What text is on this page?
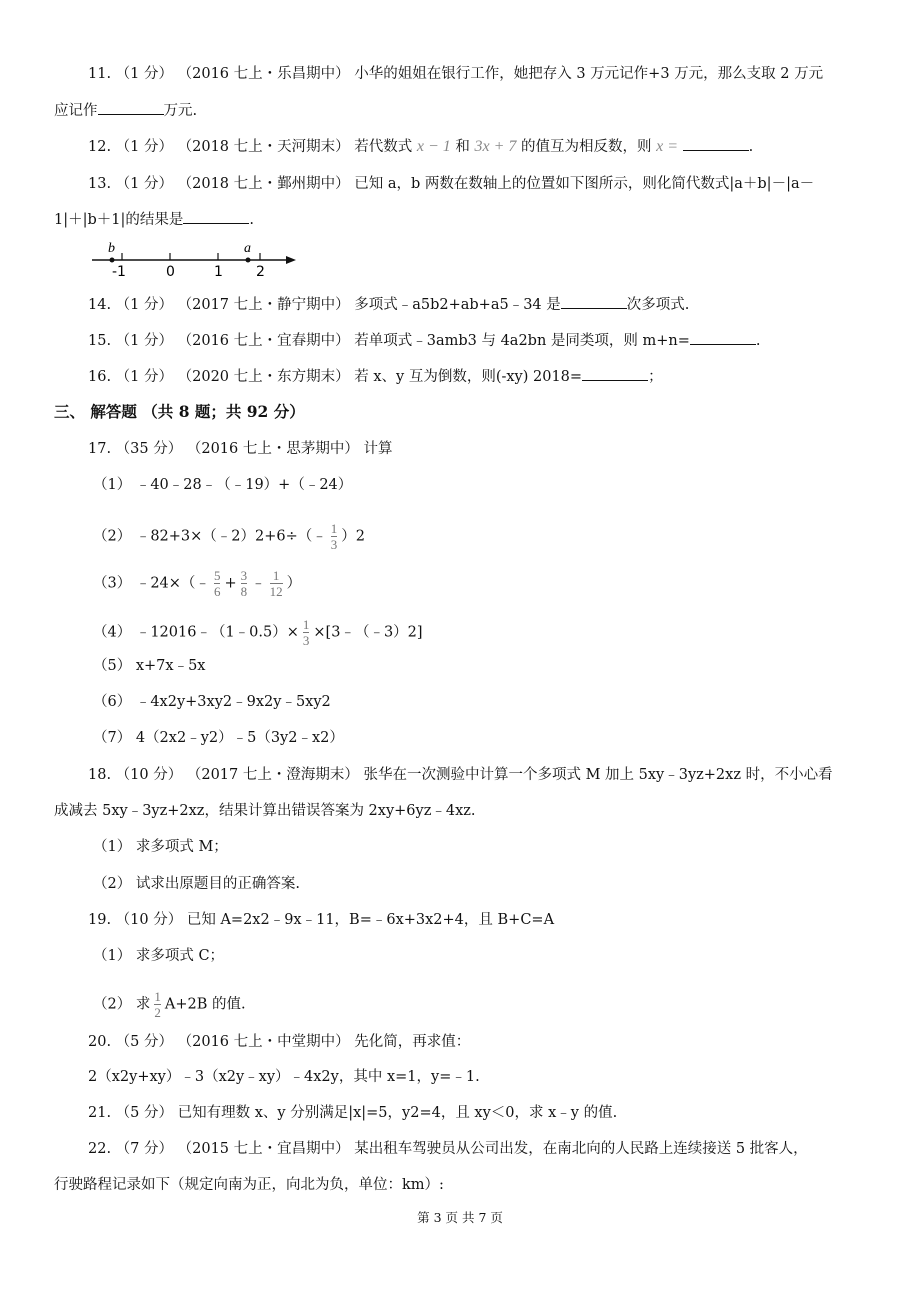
11. （1 分） （2016 七上・乐昌期中） 小华的姐姐在银行工作，她把存入 3 万元记作+3 万元，那么支取 2 万元
应记作	万元.
12. （1 分） （2018 七上・天河期末） 若代数式 x − 1 和 3x + 7 的值互为相反数，则 x =	.
13. （1 分） （2018 七上・鄞州期中） 已知 a，b 两数在数轴上的位置如下图所示，则化简代数式|a＋b|－|a－
1|＋|b＋1|的结果是	.
b	a
-1	0	1 2
14. （1 分） （2017 七上・静宁期中） 多项式﹣a5b2+ab+a5﹣34 是	次多项式.
15. （1 分） （2016 七上・宜春期中） 若单项式﹣3amb3 与 4a2bn 是同类项，则 m+n=	.
16. （1 分） （2020 七上・东方期末） 若 x、y 互为倒数，则(-xy) 2018=	；
三、 解答题 （共 8 题；共 92 分）
17. （35 分） （2016 七上・思茅期中） 计算
（1） ﹣40﹣28﹣（﹣19）+（﹣24）
（2） ﹣82+3×（﹣2）2+6÷（﹣ $\frac{1}{3} )2$
（3） ﹣24×（﹣ $\frac{5}{6} + \frac{3}{8}$ ﹣ $\frac{1}{12}$ ）
（4） ﹣12016﹣（1﹣0.5）× $\frac{1}{3}$ ×[3﹣（﹣3）2]
（5） x+7x﹣5x
（6） ﹣4x2y+3xy2﹣9x2y﹣5xy2
（7） 4（2x2﹣y2）﹣5（3y2﹣x2）
18. （10 分） （2017 七上・澄海期末） 张华在一次测验中计算一个多项式 M 加上 5xy﹣3yz+2xz 时，不小心看
成减去 5xy﹣3yz+2xz，结果计算出错误答案为 2xy+6yz﹣4xz.
（1） 求多项式 M；
（2） 试求出原题目的正确答案.
19. （10 分） 已知 A=2x2﹣9x﹣11，B=﹣6x+3x2+4，且 B+C=A
（1） 求多项式 C；
（2） 求 $\frac{1}{2} A+2B$ 的值.
20. （5 分） （2016 七上・中堂期中） 先化简，再求值：
2（x2y+xy）﹣3（x2y﹣xy）﹣4x2y，其中 x=1，y=﹣1.
21. （5 分） 已知有理数 x、y 分别满足|x|=5，y2=4，且 xy＜0，求 x﹣y 的值.
22. （7 分） （2015 七上・宜昌期中） 某出租车驾驶员从公司出发，在南北向的人民路上连续接送 5 批客人，
行驶路程记录如下（规定向南为正，向北为负，单位：km）:
第 3 页 共 7 页
